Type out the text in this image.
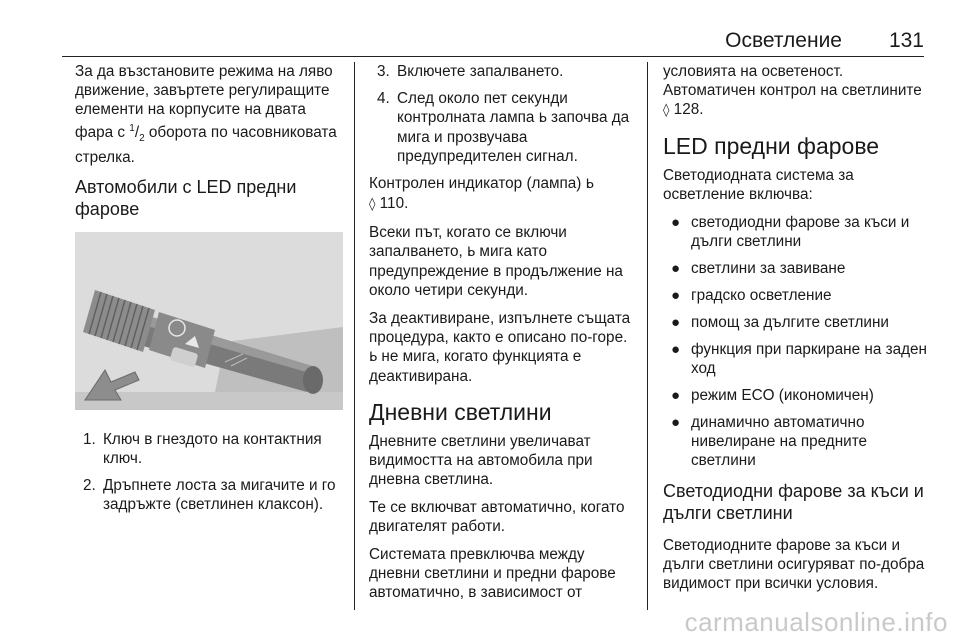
Осветление 131

За да възстановите режима на ляво движение, завъртете регулиращите елементи на корпусите на двата фара с $^1/_2$ оборота по часовниковата стрелка.

Автомобили с LED предни фарове
1. Ключ в гнездото на контактния ключ.
2. Дръпнете лоста за мигачите и го задръжте (светлинен клаксон).
3. Включете запалването.
4. След около пет секунди контролната лампа ᖯ започва да мига и прозвучава предупредителен сигнал.

Контролен индикатор (лампа) ᖯ
◊ 110.

Всеки път, когато се включи запалването, ᖯ мига като предупреждение в продължение на около четири секунди.

За деактивиране, изпълнете същата процедура, както е описано по-горе. ᖯ не мига, когато функцията е деактивирана.

Дневни светлини

Дневните светлини увеличават видимостта на автомобила при дневна светлина.

Те се включват автоматично, когато двигателят работи.

Системата превключва между дневни светлини и предни фарове автоматично, в зависимост от

условията на осветеност.

Автоматичен контрол на светлините ◊ 128.

LED предни фарове

Светодиодната система за осветление включва:

● светодиодни фарове за къси и дълги светлини
● светлини за завиване
● градско осветление
● помощ за дългите светлини
● функция при паркиране на заден ход
● режим ECO (икономичен)
● динамично автоматично нивелиране на предните светлини
Светодиодни фарове за къси и дълги светлини

Светодиодните фарове за къси и дълги светлини осигуряват по-добра видимост при всички условия.

carmanualsonline.info
